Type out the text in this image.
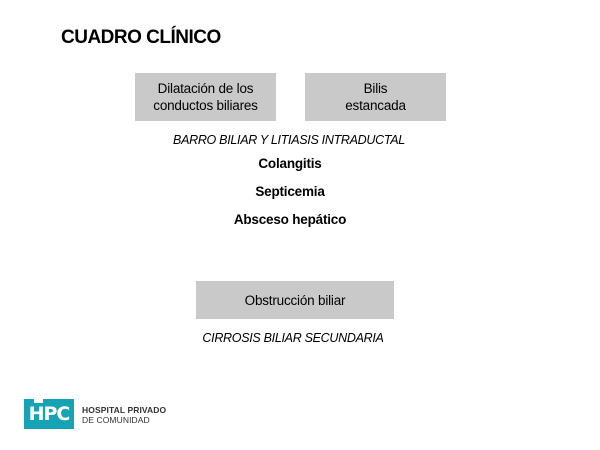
CUADRO CLÍNICO
Dilatación de los
conductos biliares
Bilis
estancada
BARRO BILIAR Y LITIASIS INTRADUCTAL
Colangitis
Septicemia
Absceso hepático
Obstrucción biliar
CIRROSIS BILIAR SECUNDARIA
HPC	HOSPITAL PRIVADO
DE COMUNIDAD
